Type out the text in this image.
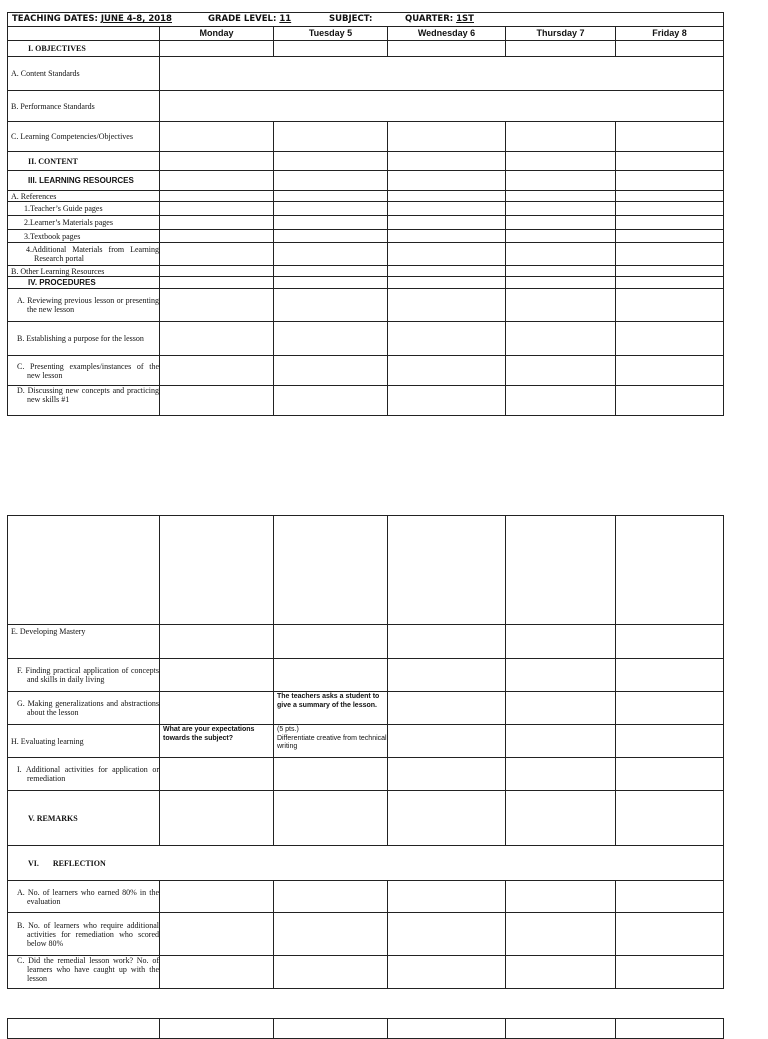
TEACHING DATES: JUNE 4-8, 2018 GRADE LEVEL: 11 SUBJECT: QUARTER: 1ST					
	Monday	Tuesday 5	Wednesday 6	Thursday 7	Friday 8
I. OBJECTIVES					
A. Content Standards					
B. Performance Standards					
C. Learning Competencies/Objectives					
II. CONTENT					
III. LEARNING RESOURCES					
A. References					
1.Teacher’s Guide pages					
2.Learner’s Materials pages					
3.Textbook pages					
4.Additional Materials from Learning Research portal					
B. Other Learning Resources					
IV. PROCEDURES					
A. Reviewing previous lesson or presenting the new lesson					
B. Establishing a purpose for the lesson					
C. Presenting examples/instances of the new lesson					
D. Discussing new concepts and practicing new skills #1					

E. Developing Mastery					
F. Finding practical application of concepts and skills in daily living					
G. Making generalizations and abstractions about the lesson		The teachers asks a student to give a summary of the lesson.			
H. Evaluating learning	What are your expectations towards the subject?	(5 pts.)
Differentiate creative from technical writing			

I. Additional activities for application or remediation					
V. REMARKS					
VI.       REFLECTION					
A. No. of learners who earned 80% in the evaluation					
B. No. of learners who require additional activities for remediation who scored below 80%					
C. Did the remedial lesson work? No. of learners who have caught up with the lesson					
